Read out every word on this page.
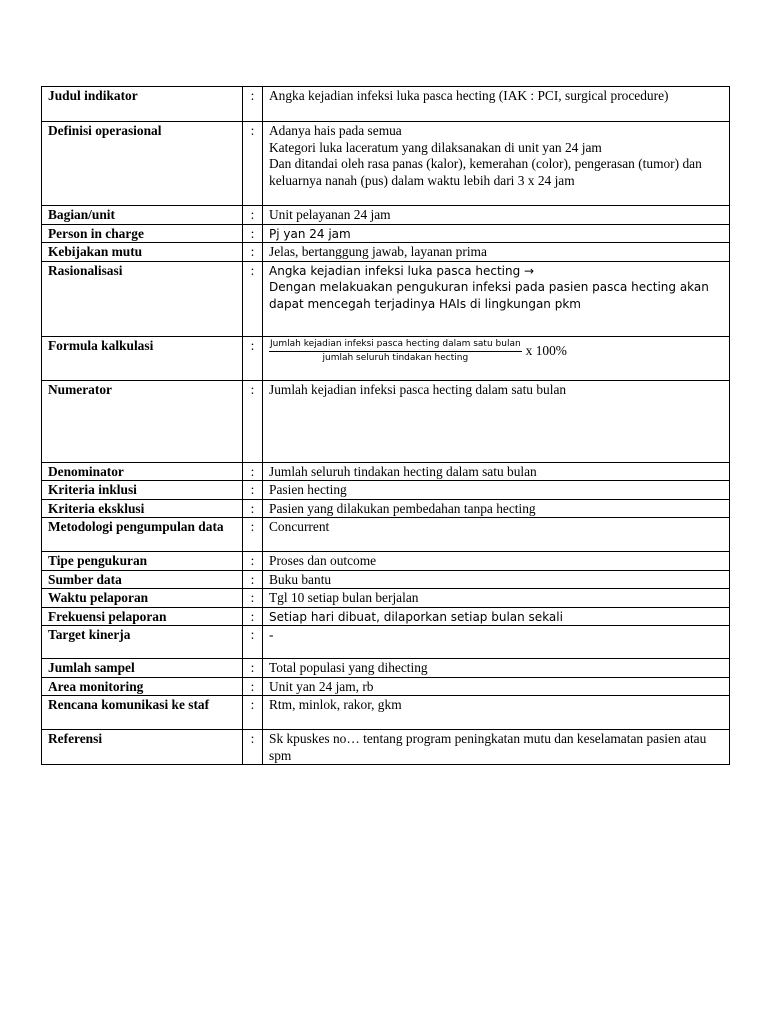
Judul indikator	:	Angka kejadian infeksi luka pasca hecting (IAK : PCI, surgical procedure)
Definisi operasional	:	Adanya hais pada semua
Kategori luka laceratum yang dilaksanakan di unit yan 24 jam
Dan ditandai oleh rasa panas (kalor), kemerahan (color), pengerasan (tumor) dan keluarnya nanah (pus) dalam waktu lebih dari 3 x 24 jam
Bagian/unit	:	Unit pelayanan 24 jam
Person in charge	:	Pj yan 24 jam
Kebijakan mutu	:	Jelas, bertanggung jawab, layanan prima
Rasionalisasi	:	Angka kejadian infeksi luka pasca hecting →
Dengan melakuakan pengukuran infeksi pada pasien pasca hecting akan dapat mencegah terjadinya HAIs di lingkungan pkm
Formula kalkulasi	:	$\frac{\text{Jumlah kejadian infeksi pasca hecting dalam satu bulan}}{\text{jumlah seluruh tindakan hecting}}$ x 100%

Numerator	:	Jumlah kejadian infeksi pasca hecting dalam satu bulan
Denominator	:	Jumlah seluruh tindakan hecting dalam satu bulan
Kriteria inklusi	:	Pasien hecting
Kriteria eksklusi	:	Pasien yang dilakukan pembedahan tanpa hecting
Metodologi pengumpulan data	:	Concurrent
Tipe pengukuran	:	Proses dan outcome
Sumber data	:	Buku bantu
Waktu pelaporan	:	Tgl 10 setiap bulan berjalan
Frekuensi pelaporan	:	Setiap hari dibuat, dilaporkan setiap bulan sekali
Target kinerja	:	-
Jumlah sampel	:	Total populasi yang dihecting
Area monitoring	:	Unit yan 24 jam, rb
Rencana komunikasi ke staf	:	Rtm, minlok, rakor, gkm
Referensi	:	Sk kpuskes no… tentang program peningkatan mutu dan keselamatan pasien atau spm
